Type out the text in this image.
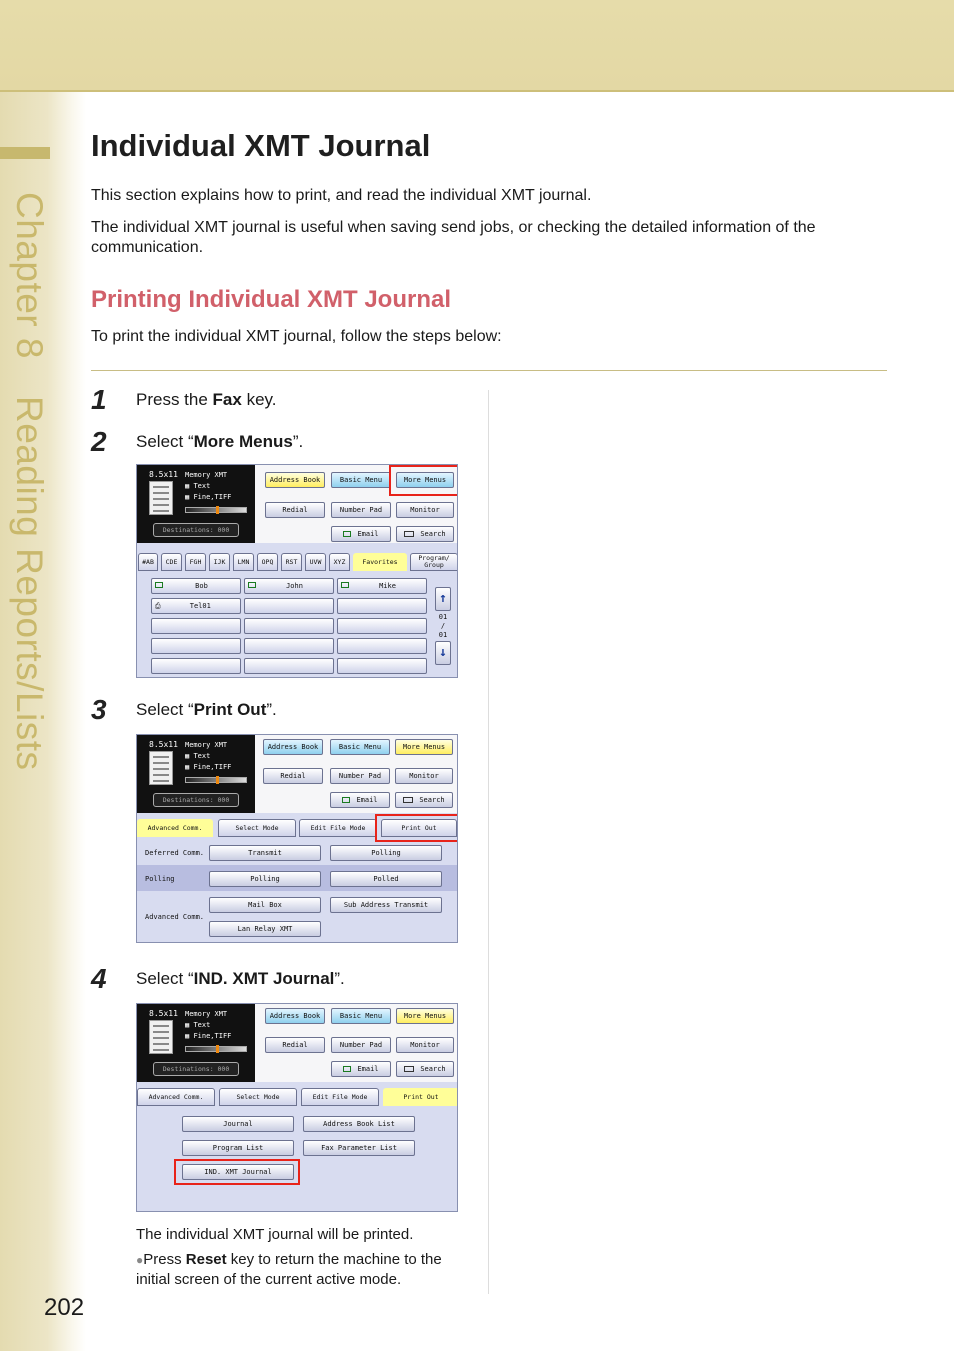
Chapter 8 Reading Reports/Lists
202
Individual XMT Journal

This section explains how to print, and read the individual XMT journal.

The individual XMT journal is useful when saving send jobs, or checking the detailed information of the communication.

Printing Individual XMT Journal

To print the individual XMT journal, follow the steps below:

1 Press the Fax key.
2 Select “More Menus”.
3 Select “Print Out”.
4 Select “IND. XMT Journal”.
8.5x11 Memory XMT
▦ Text
▦ Fine,TIFF
Destinations: 000
Address Book	Basic Menu	More Menus
Redial	Number Pad	Monitor
Email	Search
#AB	CDE	FGH	IJK	LMN	OPQ	RST	UVW	XYZ	Favorites	Program/
Group
Bob	John	Mike
⎙	Tel01	↑
01
/
01
↓
8.5x11 Memory XMT
▦ Text
▦ Fine,TIFF
Destinations: 000
Address Book	Basic Menu	More Menus
Redial	Number Pad	Monitor
Email	Search
Advanced Comm.	Select Mode	Edit File Mode	Print Out
Deferred Comm.	Transmit	Polling
Polling	Polling	Polled
Advanced Comm.
Mail Box	Sub Address Transmit
Lan Relay XMT
8.5x11 Memory XMT
▦ Text
▦ Fine,TIFF
Destinations: 000
Address Book	Basic Menu	More Menus
Redial	Number Pad	Monitor
Email	Search
Advanced Comm.	Select Mode	Edit File Mode	Print Out
Journal	Address Book List
Program List	Fax Parameter List
IND. XMT Journal

The individual XMT journal will be printed.

●Press Reset key to return the machine to the initial screen of the current active mode.
